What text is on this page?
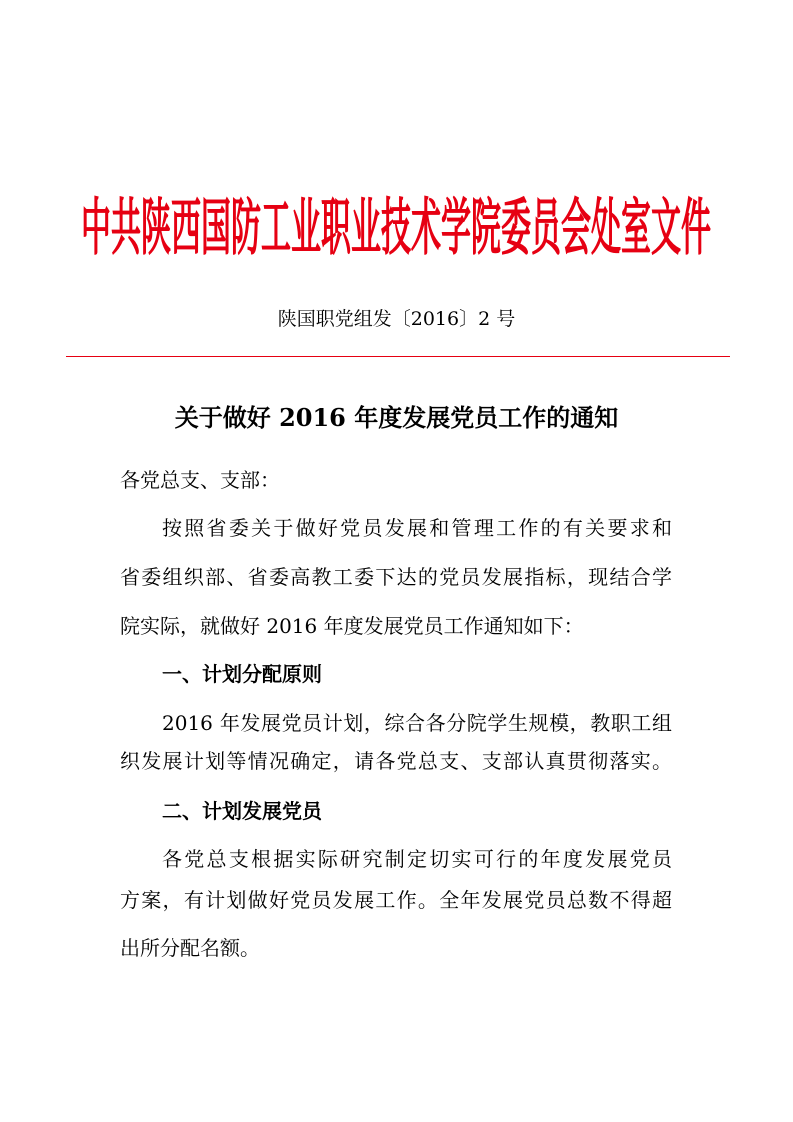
中共陕西国防工业职业技术学院委员会处室文件
陕国职党组发〔2016〕2 号
关于做好 2016 年度发展党员工作的通知
各党总支、支部：
按照省委关于做好党员发展和管理工作的有关要求和
省委组织部、省委高教工委下达的党员发展指标，现结合学
院实际，就做好 2016 年度发展党员工作通知如下：
一、计划分配原则
2016 年发展党员计划，综合各分院学生规模，教职工组
织发展计划等情况确定，请各党总支、支部认真贯彻落实。
二、计划发展党员
各党总支根据实际研究制定切实可行的年度发展党员
方案，有计划做好党员发展工作。全年发展党员总数不得超
出所分配名额。
